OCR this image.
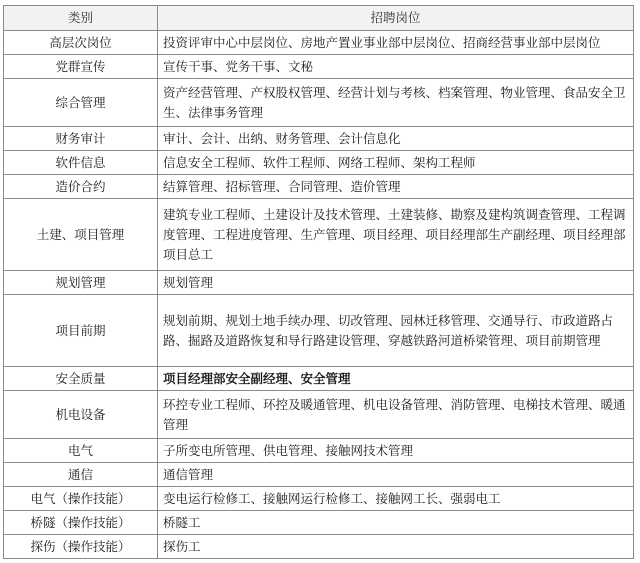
类别	招聘岗位
高层次岗位	投资评审中心中层岗位、房地产置业事业部中层岗位、招商经营事业部中层岗位
党群宣传	宣传干事、党务干事、文秘
综合管理	资产经营管理、产权股权管理、经营计划与考核、档案管理、物业管理、食品安全卫生、法律事务管理
财务审计	审计、会计、出纳、财务管理、会计信息化
软件信息	信息安全工程师、软件工程师、网络工程师、架构工程师
造价合约	结算管理、招标管理、合同管理、造价管理
土建、项目管理	建筑专业工程师、土建设计及技术管理、土建装修、勘察及建构筑调查管理、工程调度管理、工程进度管理、生产管理、项目经理、项目经理部生产副经理、项目经理部项目总工
规划管理	规划管理
项目前期	规划前期、规划土地手续办理、切改管理、园林迁移管理、交通导行、市政道路占路、掘路及道路恢复和导行路建设管理、穿越铁路河道桥梁管理、项目前期管理
安全质量	项目经理部安全副经理、安全管理
机电设备	环控专业工程师、环控及暖通管理、机电设备管理、消防管理、电梯技术管理、暖通管理
电气	子所变电所管理、供电管理、接触网技术管理
通信	通信管理
电气（操作技能）	变电运行检修工、接触网运行检修工、接触网工长、强弱电工
桥隧（操作技能）	桥隧工
探伤（操作技能）	探伤工
